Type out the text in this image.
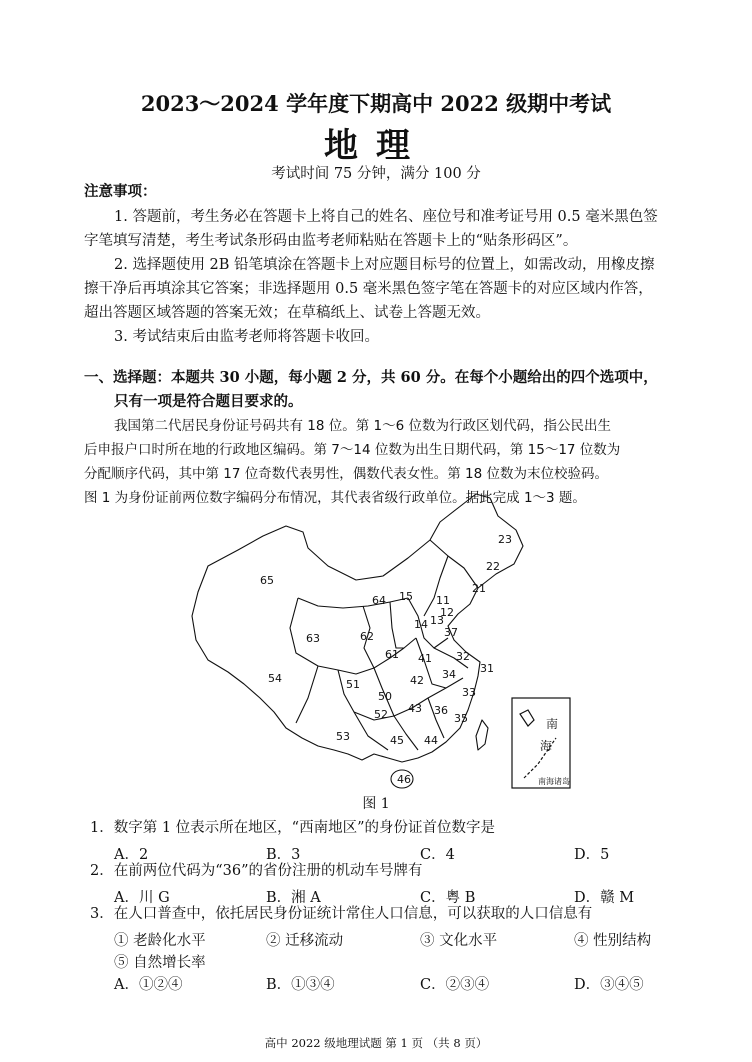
2023～2024 学年度下期高中 2022 级期中考试
地理
考试时间 75 分钟，满分 100 分
注意事项：
1. 答题前，考生务必在答题卡上将自己的姓名、座位号和准考证号用 0.5 毫米黑色签
字笔填写清楚，考生考试条形码由监考老师粘贴在答题卡上的“贴条形码区”。
2. 选择题使用 2B 铅笔填涂在答题卡上对应题目标号的位置上，如需改动，用橡皮擦
擦干净后再填涂其它答案；非选择题用 0.5 毫米黑色签字笔在答题卡的对应区域内作答，
超出答题区域答题的答案无效；在草稿纸上、试卷上答题无效。
3. 考试结束后由监考老师将答题卡收回。
一、选择题：本题共 30 小题，每小题 2 分，共 60 分。在每个小题给出的四个选项中，
只有一项是符合题目要求的。
我国第二代居民身份证号码共有 18 位。第 1～6 位数为行政区划代码，指公民出生
后申报户口时所在地的行政地区编码。第 7～14 位数为出生日期代码，第 15～17 位数为
分配顺序代码，其中第 17 位奇数代表男性，偶数代表女性。第 18 位数为末位校验码。
图 1 为身份证前两位数字编码分布情况，其代表省级行政单位。据此完成 1～3 题。
南
海
南海诸岛
65
15
23
22
21
11
12
13
14
64
62
63
61
37
41 32
31
54	51
50
42 34
33
52 43 36
35
53	45 44
46
图 1
1．数字第 1 位表示所在地区，“西南地区”的身份证首位数字是
A．2	B．3	C．4	D．5
2．在前两位代码为“36”的省份注册的机动车号牌有
A．川 G	B．湘 A	C．粤 B	D．赣 M
3．在人口普查中，依托居民身份证统计常住人口信息，可以获取的人口信息有
① 老龄化水平	② 迁移流动	③ 文化水平	④ 性别结构
⑤ 自然增长率
A．①②④	B．①③④	C．②③④	D．③④⑤
高中 2022 级地理试题 第 1 页 （共 8 页）
